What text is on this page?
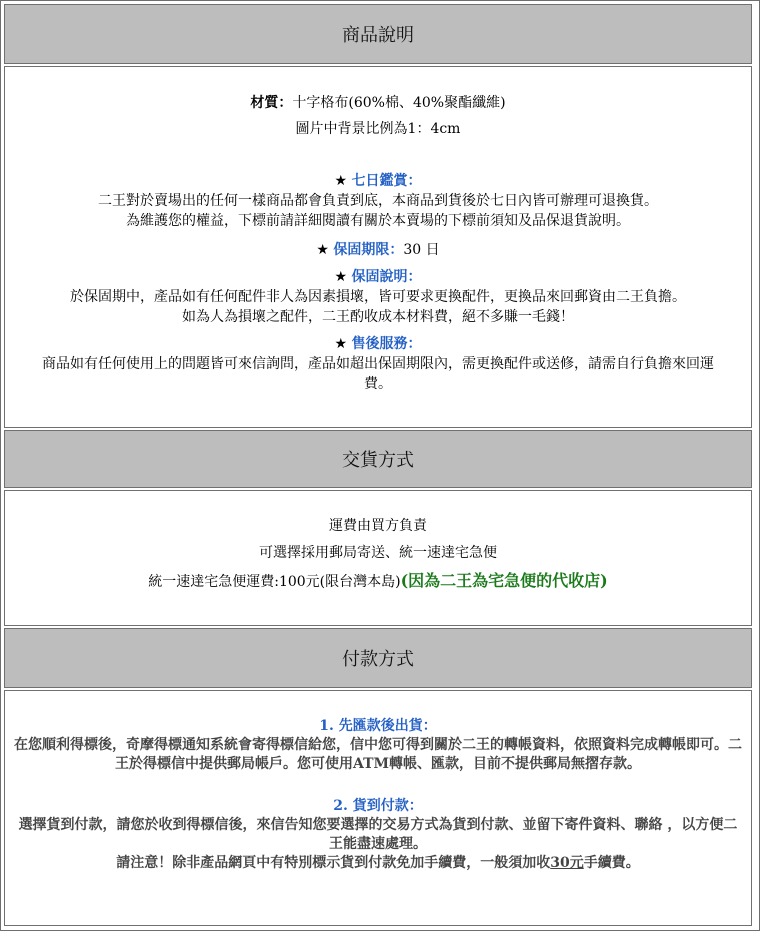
商品說明
材質：十字格布(60%棉、40%聚酯纖維)
圖片中背景比例為1：4cm
★ 七日鑑賞：
二王對於賣場出的任何一樣商品都會負責到底，本商品到貨後於七日內皆可辦理可退換貨。
為維護您的權益，下標前請詳細閱讀有關於本賣場的下標前須知及品保退貨說明。
★ 保固期限：30 日
★ 保固說明：
於保固期中，產品如有任何配件非人為因素損壞，皆可要求更換配件，更換品來回郵資由二王負擔。
如為人為損壞之配件，二王酌收成本材料費，絕不多賺一毛錢！
★ 售後服務：
商品如有任何使用上的問題皆可來信詢問，產品如超出保固期限內，需更換配件或送修，請需自行負擔來回運費。
交貨方式
運費由買方負責
可選擇採用郵局寄送、統一速達宅急便
統一速達宅急便運費:100元(限台灣本島)(因為二王為宅急便的代收店)
付款方式
1. 先匯款後出貨：
在您順利得標後，奇摩得標通知系統會寄得標信給您，信中您可得到關於二王的轉帳資料，依照資料完成轉帳即可。二王於得標信中提供郵局帳戶。您可使用ATM轉帳、匯款，目前不提供郵局無摺存款。
2. 貨到付款：
選擇貨到付款，請您於收到得標信後，來信告知您要選擇的交易方式為貨到付款、並留下寄件資料、聯絡 ，以方便二王能盡速處理。
請注意！除非產品網頁中有特別標示貨到付款免加手續費，一般須加收30元手續費。
